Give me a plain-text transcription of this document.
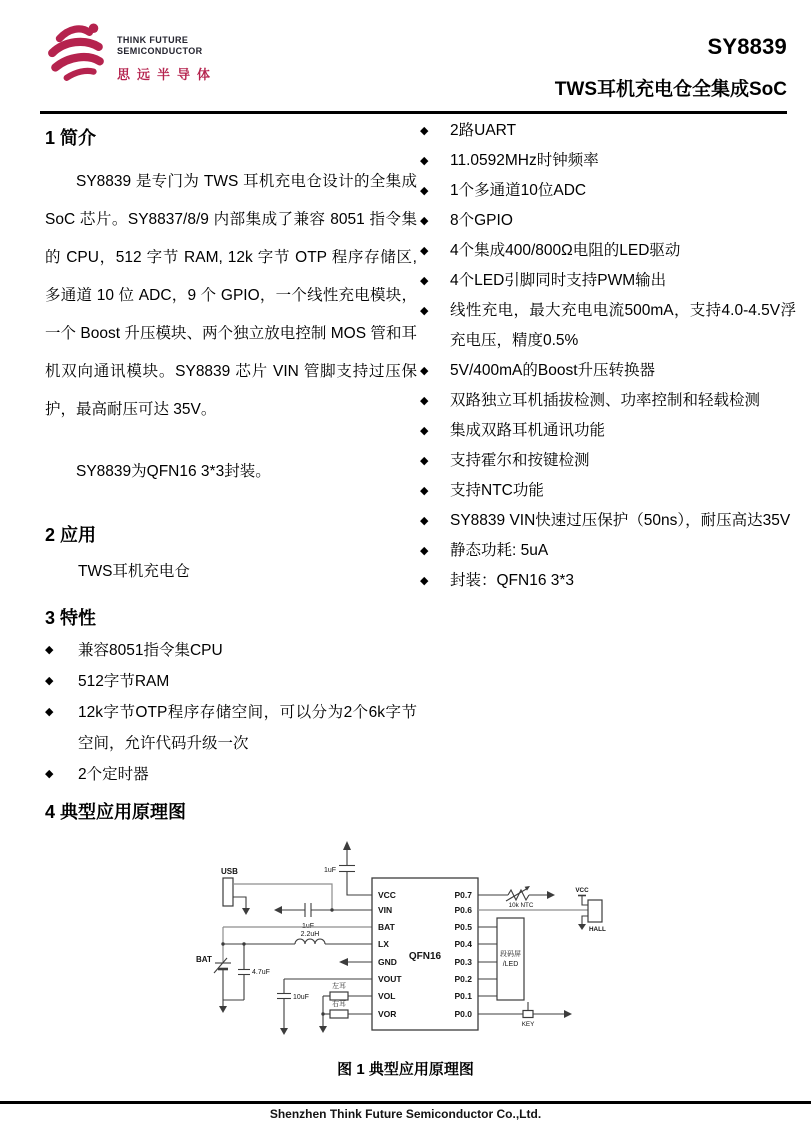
THINK FUTURE
SEMICONDUCTOR
思远半导体
SY8839
TWS耳机充电仓全集成SoC
1 简介

SY8839 是专门为 TWS 耳机充电仓设计的全集成 SoC 芯片。SY8837/8/9 内部集成了兼容 8051 指令集的 CPU，512 字节 RAM, 12k 字节 OTP 程序存储区,多通道 10 位 ADC，9 个 GPIO，一个线性充电模块，一个 Boost 升压模块、两个独立放电控制 MOS 管和耳机双向通讯模块。SY8839 芯片 VIN 管脚支持过压保护，最高耐压可达 35V。

SY8839为QFN16 3*3封装。

2 应用
TWS耳机充电仓
3 特性
◆	兼容8051指令集CPU
◆	512字节RAM
◆	12k字节OTP程序存储空间，可以分为2个6k字节空间，允许代码升级一次
◆	2个定时器
◆	2路UART
◆	11.0592MHz时钟频率
◆	1个多通道10位ADC
◆	8个GPIO
◆	4个集成400/800Ω电阻的LED驱动
◆	4个LED引脚同时支持PWM输出
◆	线性充电，最大充电电流500mA，支持4.0-4.5V浮充电压，精度0.5%
◆	5V/400mA的Boost升压转换器
◆	双路独立耳机插拔检测、功率控制和轻载检测
◆	集成双路耳机通讯功能
◆	支持霍尔和按键检测
◆	支持NTC功能
◆	SY8839 VIN快速过压保护（50ns），耐压高达35V
◆	静态功耗: 5uA
◆	封装：QFN16 3*3
4 典型应用原理图
1uF
USB
1uF
2.2uH
BAT
4.7uF
10uF
左耳
右耳
QFN16
VCC
VIN
BAT
LX
GND
VOUT
VOL
VOR
P0.7
P0.6
P0.5
P0.4
P0.3
P0.2
P0.1
P0.0
10k NTC
VCC
HALL
段码屏
/LED
KEY
图 1 典型应用原理图
Shenzhen Think Future Semiconductor Co.,Ltd.
